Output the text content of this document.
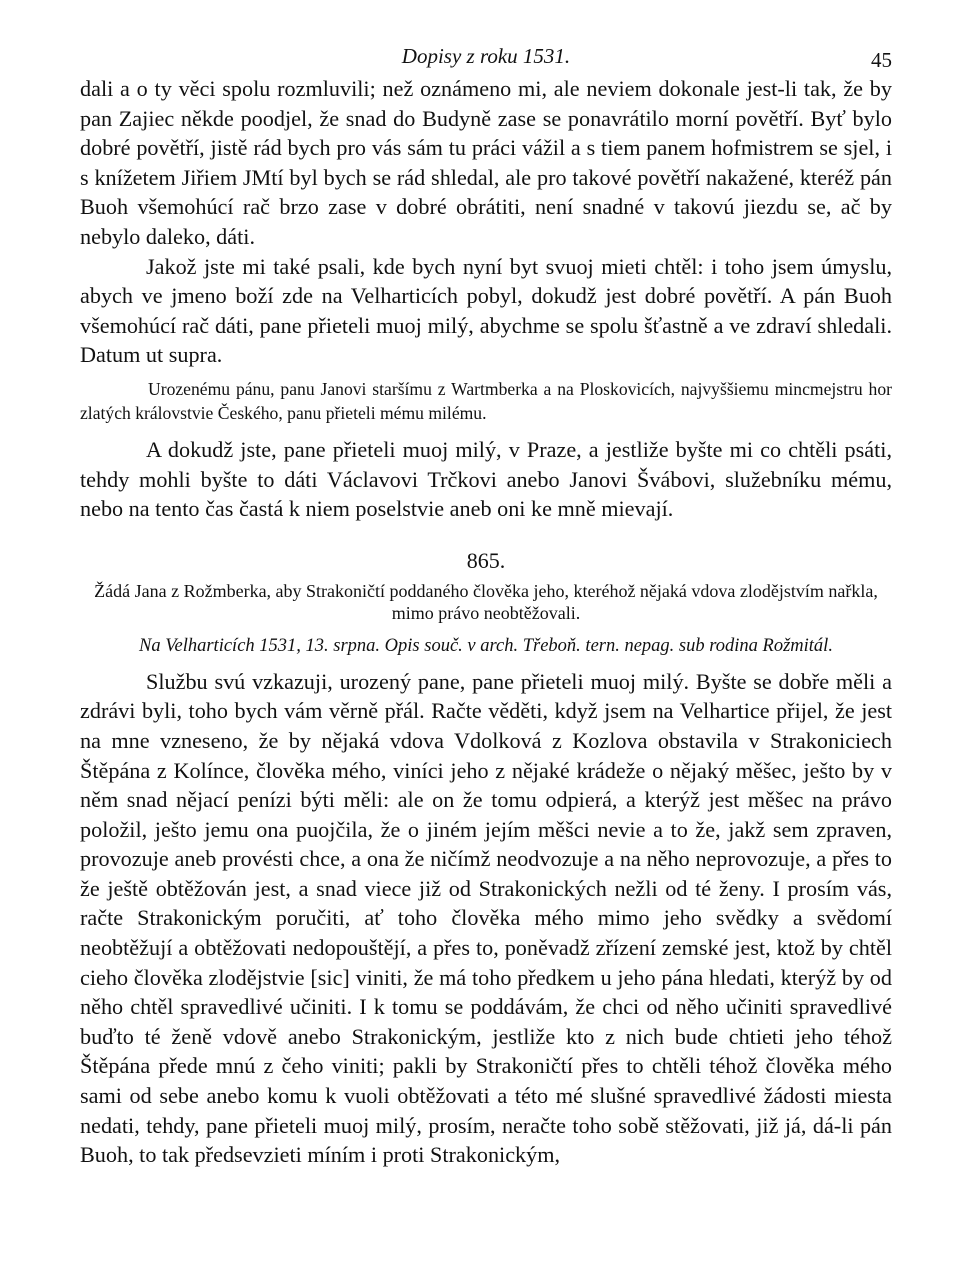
Dopisy z roku 1531.	45

dali a o ty věci spolu rozmluvili; než oznámeno mi, ale neviem dokonale jest-li tak, že by pan Zajiec někde poodjel, že snad do Budyně zase se ponavrátilo morní povětří. Byť bylo dobré povětří, jistě rád bych pro vás sám tu práci vážil a s tiem panem hofmistrem se sjel, i s knížetem Jiřiem JMtí byl bych se rád shledal, ale pro takové povětří nakažené, kteréž pán Buoh všemohúcí rač brzo zase v dobré obrátiti, není snadné v takovú jiezdu se, ač by nebylo daleko, dáti.

Jakož jste mi také psali, kde bych nyní byt svuoj mieti chtěl: i toho jsem úmyslu, abych ve jmeno boží zde na Velharticích pobyl, dokudž jest dobré povětří. A pán Buoh všemohúcí rač dáti, pane přieteli muoj milý, abychme se spolu šťastně a ve zdraví shledali. Datum ut supra.

Urozenému pánu, panu Janovi staršímu z Wartmberka a na Ploskovicích, najvyššiemu mincmejstru hor zlatých královstvie Českého, panu přieteli mému milému.

A dokudž jste, pane přieteli muoj milý, v Praze, a jestliže byšte mi co chtěli psáti, tehdy mohli byšte to dáti Václavovi Trčkovi anebo Janovi Švábovi, služebníku mému, nebo na tento čas častá k niem poselstvie aneb oni ke mně mievají.

865.

Žádá Jana z Rožmberka, aby Strakoničtí poddaného člověka jeho, kteréhož nějaká vdova zlodějstvím nařkla, mimo právo neobtěžovali.

Na Velharticích 1531, 13. srpna. Opis souč. v arch. Třeboň. tern. nepag. sub rodina Rožmitál.

Službu svú vzkazuji, urozený pane, pane přieteli muoj milý. Byšte se dobře měli a zdrávi byli, toho bych vám věrně přál. Račte věděti, když jsem na Velhartice přijel, že jest na mne vzneseno, že by nějaká vdova Vdolková z Kozlova obstavila v Strakoniciech Štěpána z Kolínce, člověka mého, viníci jeho z nějaké krádeže o nějaký měšec, ješto by v něm snad nějací penízi býti měli: ale on že tomu odpierá, a kterýž jest měšec na právo položil, ješto jemu ona puojčila, že o jiném jejím měšci nevie a to že, jakž sem zpraven, provozuje aneb provésti chce, a ona že ničímž neodvozuje a na něho neprovozuje, a přes to že ještě obtěžován jest, a snad viece již od Strakonických nežli od té ženy. I prosím vás, račte Strakonickým poručiti, ať toho člověka mého mimo jeho svědky a svědomí neobtěžují a obtěžovati nedopouštějí, a přes to, poněvadž zřízení zemské jest, ktož by chtěl cieho člověka zlodějstvie [sic] viniti, že má toho předkem u jeho pána hledati, kterýž by od něho chtěl spravedlivé učiniti. I k tomu se poddávám, že chci od něho učiniti spravedlivé buďto té ženě vdově anebo Strakonickým, jestliže kto z nich bude chtieti jeho téhož Štěpána přede mnú z čeho viniti; pakli by Strakoničtí přes to chtěli téhož člověka mého sami od sebe anebo komu k vuoli obtěžovati a této mé slušné spravedlivé žádosti miesta nedati, tehdy, pane přieteli muoj milý, prosím, neračte toho sobě stěžovati, již já, dá-li pán Buoh, to tak předsevzieti míním i proti Strakonickým,
